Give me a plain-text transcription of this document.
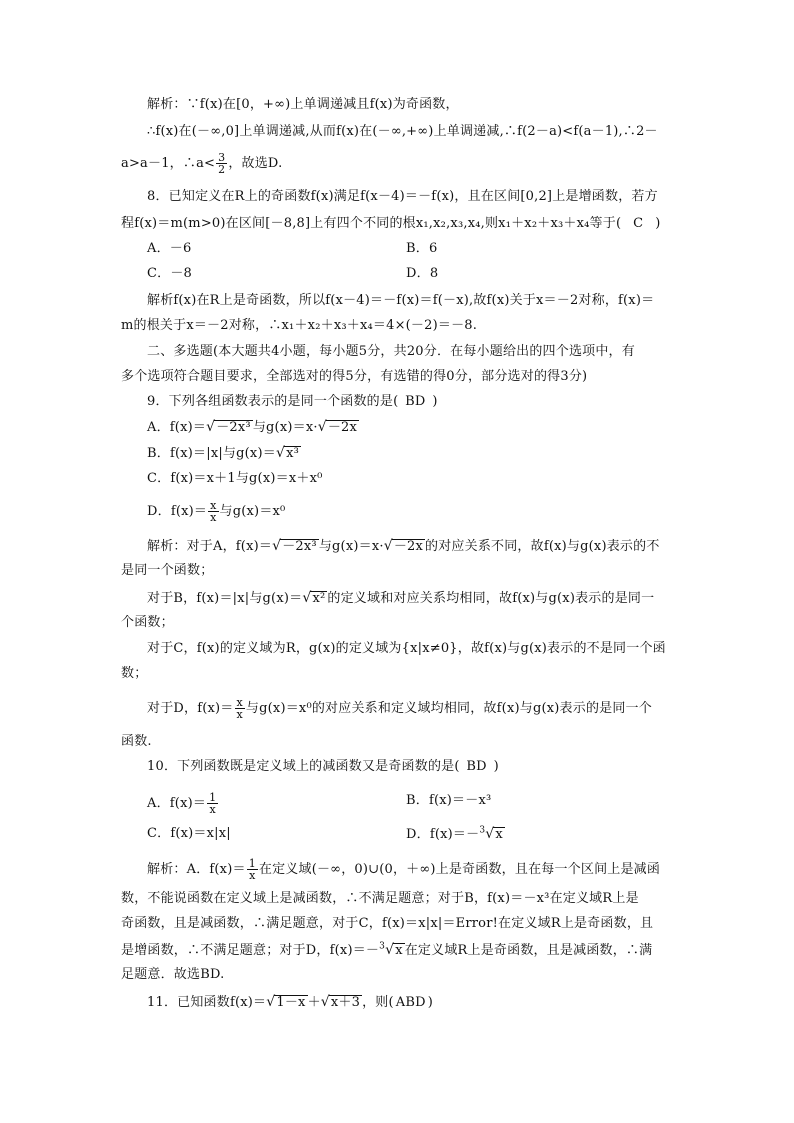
解析：∵f(x)在[0，+∞)上单调递减且f(x)为奇函数，
∴f(x)在(－∞,0]上单调递减,从而f(x)在(－∞,+∞)上单调递减,∴f(2－a)<f(a－1),∴2－
a>a－1，∴a< $\frac{3}{2}$ ，故选D.
8．已知定义在R上的奇函数f(x)满足f(x－4)＝－f(x)，且在区间[0,2]上是增函数，若方
程f(x)＝m(m>0)在区间[－8,8]上有四个不同的根x₁,x₂,x₃,x₄,则x₁＋x₂＋x₃＋x₄等于( C )
A．－6	B．6
C．－8	D．8
解析f(x)在R上是奇函数，所以f(x－4)＝－f(x)＝f(－x),故f(x)关于x＝－2对称，f(x)＝
m的根关于x＝－2对称，∴x₁＋x₂＋x₃＋x₄＝4×(－2)＝－8.
二、多选题(本大题共4小题，每小题5分，共20分．在每小题给出的四个选项中，有
多个选项符合题目要求，全部选对的得5分，有选错的得0分，部分选对的得3分)
9．下列各组函数表示的是同一个函数的是( BD )
A．f(x)＝√－2x³ 与g(x)＝x·√－2x
B．f(x)＝|x|与g(x)＝√x³
C．f(x)＝x＋1与g(x)＝x＋x⁰
D．$f(x)= \frac{x}{x}$ 与g(x)＝x⁰
解析：对于A，f(x)＝√－2x³ 与g(x)＝x·√－2x 的对应关系不同，故f(x)与g(x)表示的不
是同一个函数；
对于B，f(x)＝|x|与g(x)＝√x² 的定义域和对应关系均相同，故f(x)与g(x)表示的是同一
个函数；
对于C，f(x)的定义域为R，g(x)的定义域为{x|x≠0}，故f(x)与g(x)表示的不是同一个函
数；
对于D，$f(x)= \frac{x}{x}$ 与g(x)＝x⁰的对应关系和定义域均相同，故f(x)与g(x)表示的是同一个
函数.
10．下列函数既是定义域上的减函数又是奇函数的是( BD )
A．$f(x)= \frac{1}{x}$	B．f(x)＝－x³
C．f(x)＝x|x|	D．f(x)＝－$^3$√x
解析：A．$f(x)= \frac{1}{x}$ 在定义域(－∞，0)∪(0，＋∞)上是奇函数，且在每一个区间上是减函
数，不能说函数在定义域上是减函数，∴不满足题意；对于B，f(x)＝－x³在定义域R上是
奇函数，且是减函数，∴满足题意，对于C，f(x)＝x|x|＝Error!在定义域R上是奇函数，且
是增函数，∴不满足题意；对于D，f(x)＝－$^3$√x 在定义域R上是奇函数，且是减函数，∴满
足题意．故选BD.
11．已知函数f(x)＝√1－x ＋√x＋3 ，则( ABD )
